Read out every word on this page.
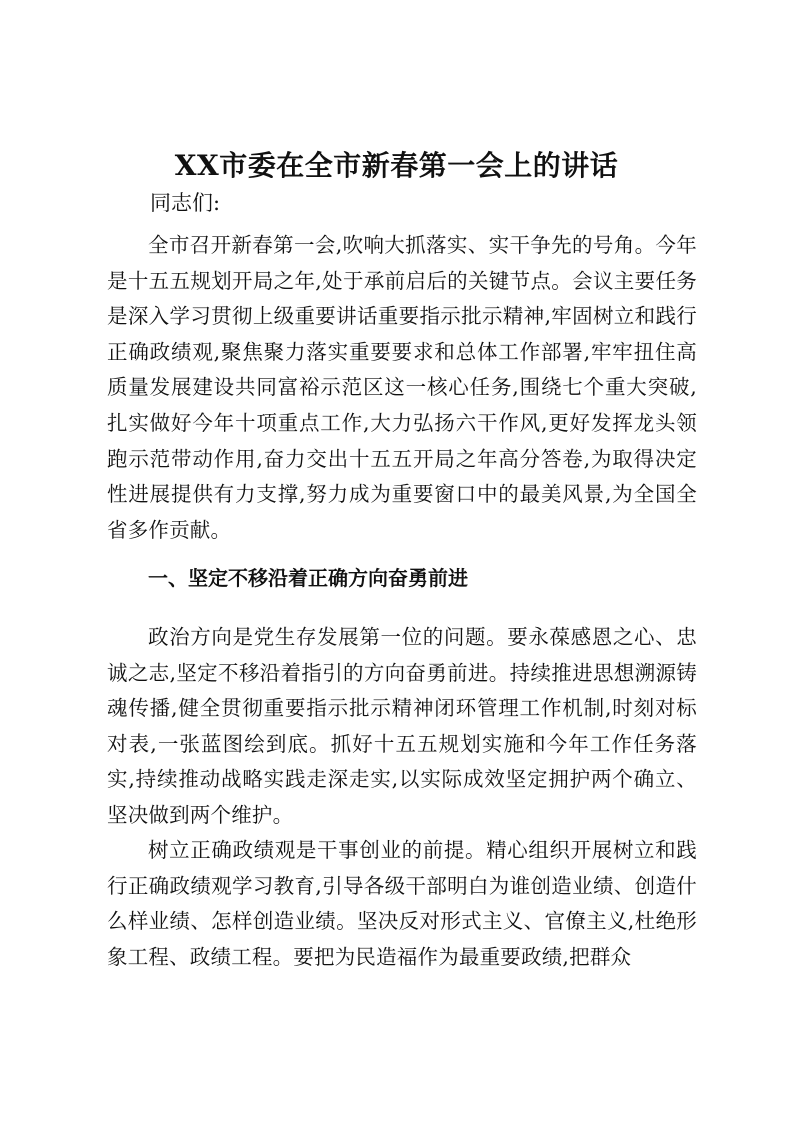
XX市委在全市新春第一会上的讲话

同志们:

全市召开新春第一会,吹响大抓落实、实干争先的号角。今年是十五五规划开局之年,处于承前启后的关键节点。会议主要任务是深入学习贯彻上级重要讲话重要指示批示精神,牢固树立和践行正确政绩观,聚焦聚力落实重要要求和总体工作部署,牢牢扭住高质量发展建设共同富裕示范区这一核心任务,围绕七个重大突破,扎实做好今年十项重点工作,大力弘扬六干作风,更好发挥龙头领跑示范带动作用,奋力交出十五五开局之年高分答卷,为取得决定性进展提供有力支撑,努力成为重要窗口中的最美风景,为全国全省多作贡献。

一、坚定不移沿着正确方向奋勇前进

政治方向是党生存发展第一位的问题。要永葆感恩之心、忠诚之志,坚定不移沿着指引的方向奋勇前进。持续推进思想溯源铸魂传播,健全贯彻重要指示批示精神闭环管理工作机制,时刻对标对表,一张蓝图绘到底。抓好十五五规划实施和今年工作任务落实,持续推动战略实践走深走实,以实际成效坚定拥护两个确立、坚决做到两个维护。

树立正确政绩观是干事创业的前提。精心组织开展树立和践行正确政绩观学习教育,引导各级干部明白为谁创造业绩、创造什么样业绩、怎样创造业绩。坚决反对形式主义、官僚主义,杜绝形象工程、政绩工程。要把为民造福作为最重要政绩,把群众
